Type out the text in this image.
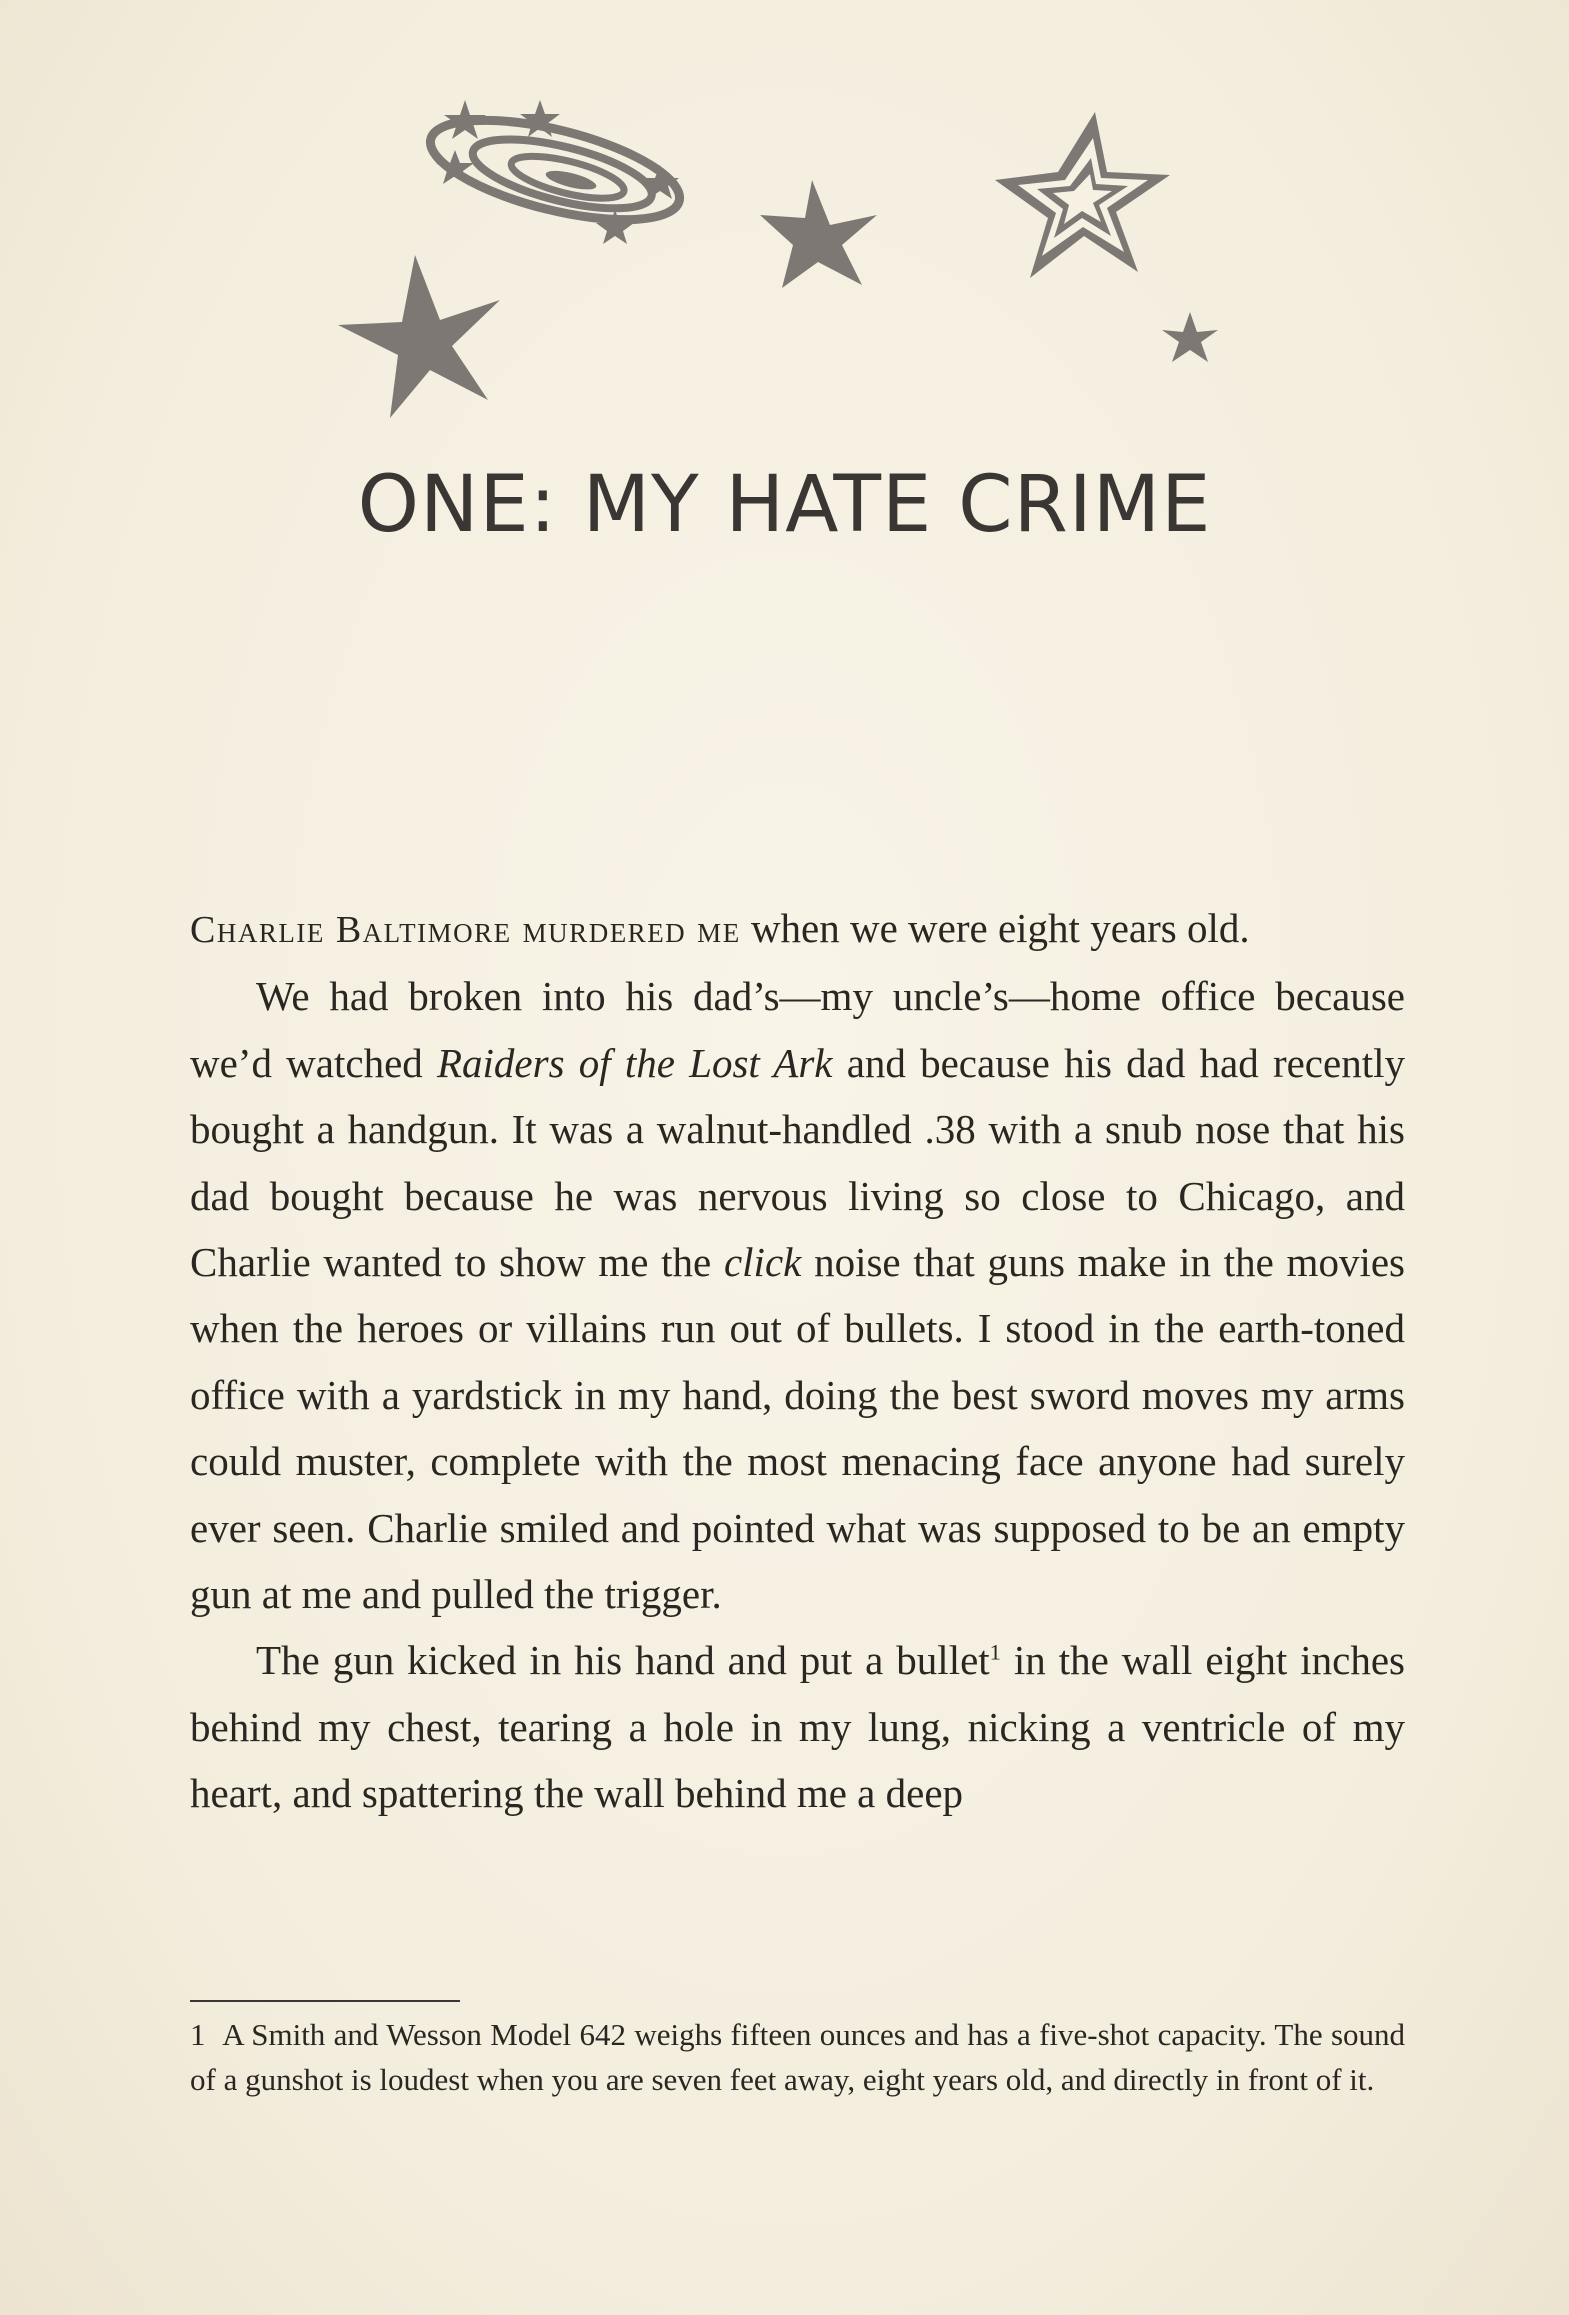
ONE: MY HATE CRIME

Charlie Baltimore murdered me when we were eight years old.

We had broken into his dad’s—my uncle’s—home office because we’d watched Raiders of the Lost Ark and because his dad had recently bought a handgun. It was a walnut-handled .38 with a snub nose that his dad bought because he was nervous living so close to Chicago, and Charlie wanted to show me the click noise that guns make in the movies when the heroes or villains run out of bullets. I stood in the earth-toned office with a yardstick in my hand, doing the best sword moves my arms could muster, complete with the most menacing face anyone had surely ever seen. Charlie smiled and pointed what was supposed to be an empty gun at me and pulled the trigger.

The gun kicked in his hand and put a bullet$^1$ in the wall eight inches behind my chest, tearing a hole in my lung, nicking a ventricle of my heart, and spattering the wall behind me a deep

1 A Smith and Wesson Model 642 weighs fifteen ounces and has a five-shot capacity. The sound of a gunshot is loudest when you are seven feet away, eight years old, and directly in front of it.
